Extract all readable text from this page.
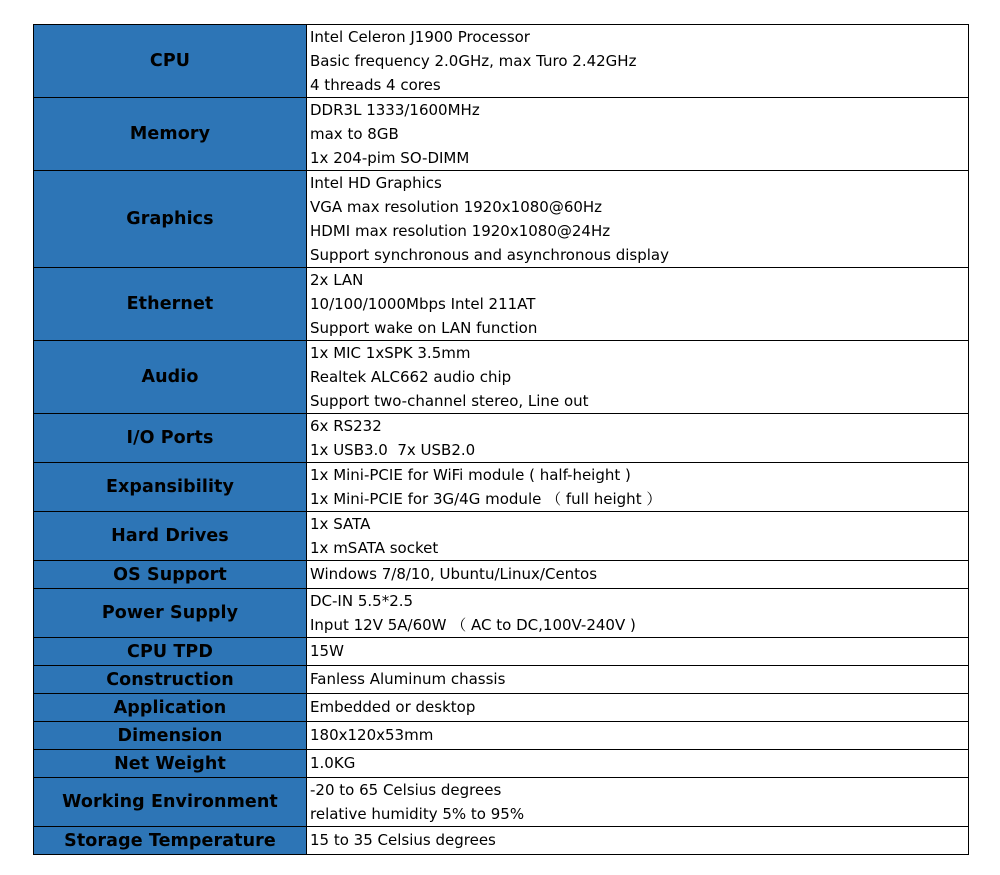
CPU	Intel Celeron J1900 Processor
Basic frequency 2.0GHz, max Turo 2.42GHz
4 threads 4 cores

Memory	DDR3L 1333/1600MHz
max to 8GB
1x 204-pim SO-DIMM

Graphics	Intel HD Graphics
VGA max resolution 1920x1080@60Hz
HDMI max resolution 1920x1080@24Hz
Support synchronous and asynchronous display

Ethernet	2x LAN
10/100/1000Mbps Intel 211AT
Support wake on LAN function

Audio	1x MIC 1xSPK 3.5mm
Realtek ALC662 audio chip
Support two-channel stereo, Line out

I/O Ports	6x RS232
1x USB3.0  7x USB2.0

Expansibility	1x Mini-PCIE for WiFi module ( half-height )
1x Mini-PCIE for 3G/4G module （ full height ）

Hard Drives	1x SATA
1x mSATA socket

OS Support	Windows 7/8/10, Ubuntu/Linux/Centos

Power Supply	DC-IN 5.5*2.5
Input 12V 5A/60W （ AC to DC,100V-240V )

CPU TPD	15W

Construction	Fanless Aluminum chassis

Application	Embedded or desktop

Dimension	180x120x53mm

Net Weight	1.0KG

Working Environment	-20 to 65 Celsius degrees
relative humidity 5% to 95%

Storage Temperature	15 to 35 Celsius degrees
